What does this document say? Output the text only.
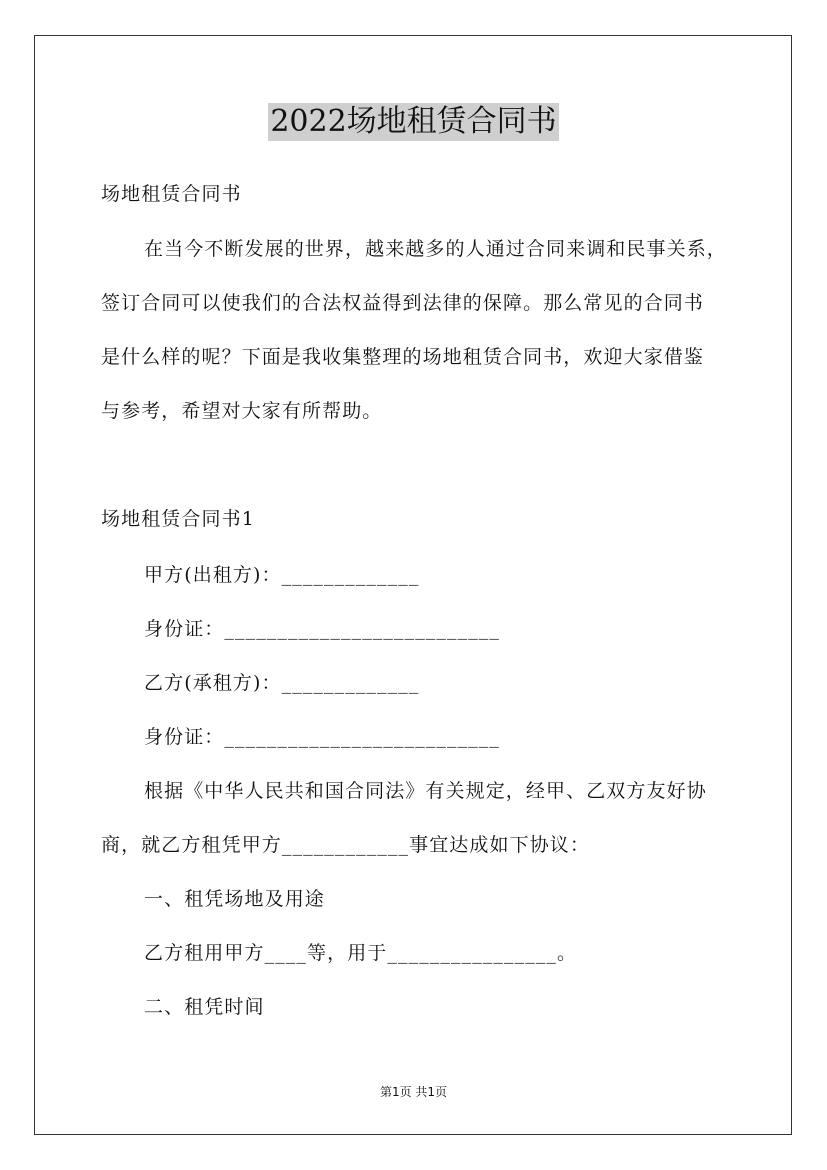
2022场地租赁合同书
场地租赁合同书
在当今不断发展的世界，越来越多的人通过合同来调和民事关系，
签订合同可以使我们的合法权益得到法律的保障。那么常见的合同书
是什么样的呢？下面是我收集整理的场地租赁合同书，欢迎大家借鉴
与参考，希望对大家有所帮助。
场地租赁合同书1
甲方(出租方)：_____________
身份证：__________________________
乙方(承租方)：_____________
身份证：__________________________
根据《中华人民共和国合同法》有关规定，经甲、乙双方友好协
商，就乙方租凭甲方____________事宜达成如下协议：
一、租凭场地及用途
乙方租用甲方____等，用于________________。
二、租凭时间
第1页 共1页
